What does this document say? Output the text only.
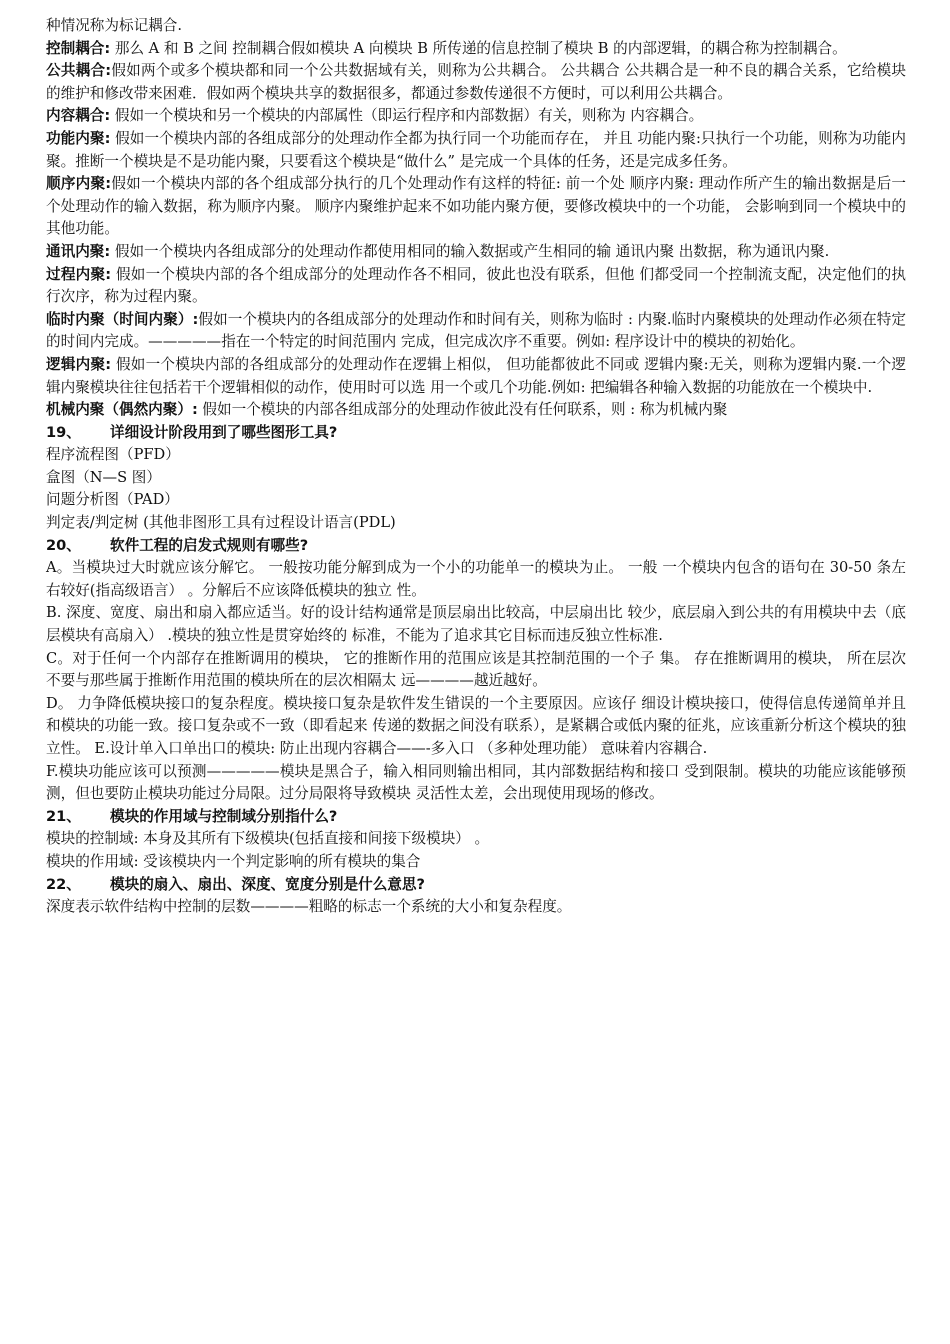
种情况称为标记耦合.

控制耦合: 那么 A 和 B 之间 控制耦合假如模块 A 向模块 B 所传递的信息控制了模块 B 的内部逻辑，的耦合称为控制耦合。

公共耦合:假如两个或多个模块都和同一个公共数据域有关，则称为公共耦合。 公共耦合 公共耦合是一种不良的耦合关系，它给模块的维护和修改带来困难．假如两个模块共享的数据很多，都通过参数传递很不方便时，可以利用公共耦合。

内容耦合: 假如一个模块和另一个模块的内部属性（即运行程序和内部数据）有关，则称为 内容耦合。

功能内聚: 假如一个模块内部的各组成部分的处理动作全都为执行同一个功能而存在， 并且 功能内聚:只执行一个功能，则称为功能内聚。推断一个模块是不是功能内聚，只要看这个模块是“做什么” 是完成一个具体的任务，还是完成多任务。

顺序内聚:假如一个模块内部的各个组成部分执行的几个处理动作有这样的特征: 前一个处 顺序内聚: 理动作所产生的输出数据是后一个处理动作的输入数据，称为顺序内聚。 顺序内聚维护起来不如功能内聚方便，要修改模块中的一个功能， 会影响到同一个模块中的 其他功能。

通讯内聚: 假如一个模块内各组成部分的处理动作都使用相同的输入数据或产生相同的输 通讯内聚 出数据，称为通讯内聚.

过程内聚: 假如一个模块内部的各个组成部分的处理动作各不相同，彼此也没有联系，但他 们都受同一个控制流支配，决定他们的执行次序，称为过程内聚。

临时内聚（时间内聚）:假如一个模块内的各组成部分的处理动作和时间有关，则称为临时 : 内聚.临时内聚模块的处理动作必须在特定的时间内完成。—————指在一个特定的时间范围内 完成，但完成次序不重要。例如: 程序设计中的模块的初始化。

逻辑内聚: 假如一个模块内部的各组成部分的处理动作在逻辑上相似， 但功能都彼此不同或 逻辑内聚:无关，则称为逻辑内聚.一个逻辑内聚模块往往包括若干个逻辑相似的动作，使用时可以选 用一个或几个功能.例如: 把编辑各种输入数据的功能放在一个模块中.

机械内聚（偶然内聚）: 假如一个模块的内部各组成部分的处理动作彼此没有任何联系，则 : 称为机械内聚

19、 详细设计阶段用到了哪些图形工具?

程序流程图（PFD）

盒图（N—S 图）

问题分析图（PAD）

判定表/判定树 (其他非图形工具有过程设计语言(PDL)

20、 软件工程的启发式规则有哪些?

A。当模块过大时就应该分解它。 一般按功能分解到成为一个小的功能单一的模块为止。 一般 一个模块内包含的语句在 30-50 条左右较好(指高级语言） 。分解后不应该降低模块的独立 性。

B. 深度、宽度、扇出和扇入都应适当。好的设计结构通常是顶层扇出比较高，中层扇出比 较少，底层扇入到公共的有用模块中去（底层模块有高扇入） .模块的独立性是贯穿始终的 标准，不能为了追求其它目标而违反独立性标准.

C。对于任何一个内部存在推断调用的模块， 它的推断作用的范围应该是其控制范围的一个子 集。 存在推断调用的模块， 所在层次不要与那些属于推断作用范围的模块所在的层次相隔太 远————越近越好。

D。 力争降低模块接口的复杂程度。模块接口复杂是软件发生错误的一个主要原因。应该仔 细设计模块接口，使得信息传递简单并且和模块的功能一致。接口复杂或不一致（即看起来 传递的数据之间没有联系），是紧耦合或低内聚的征兆，应该重新分析这个模块的独立性。 E.设计单入口单出口的模块: 防止出现内容耦合——-多入口 （多种处理功能） 意味着内容耦合.

F.模块功能应该可以预测—————模块是黑合子，输入相同则输出相同，其内部数据结构和接口 受到限制。模块的功能应该能够预测，但也要防止模块功能过分局限。过分局限将导致模块 灵活性太差，会出现使用现场的修改。

21、 模块的作用域与控制域分别指什么?

模块的控制域: 本身及其所有下级模块(包括直接和间接下级模块） 。

模块的作用域: 受该模块内一个判定影响的所有模块的集合

22、 模块的扇入、扇出、深度、宽度分别是什么意思?

深度表示软件结构中控制的层数————粗略的标志一个系统的大小和复杂程度。
